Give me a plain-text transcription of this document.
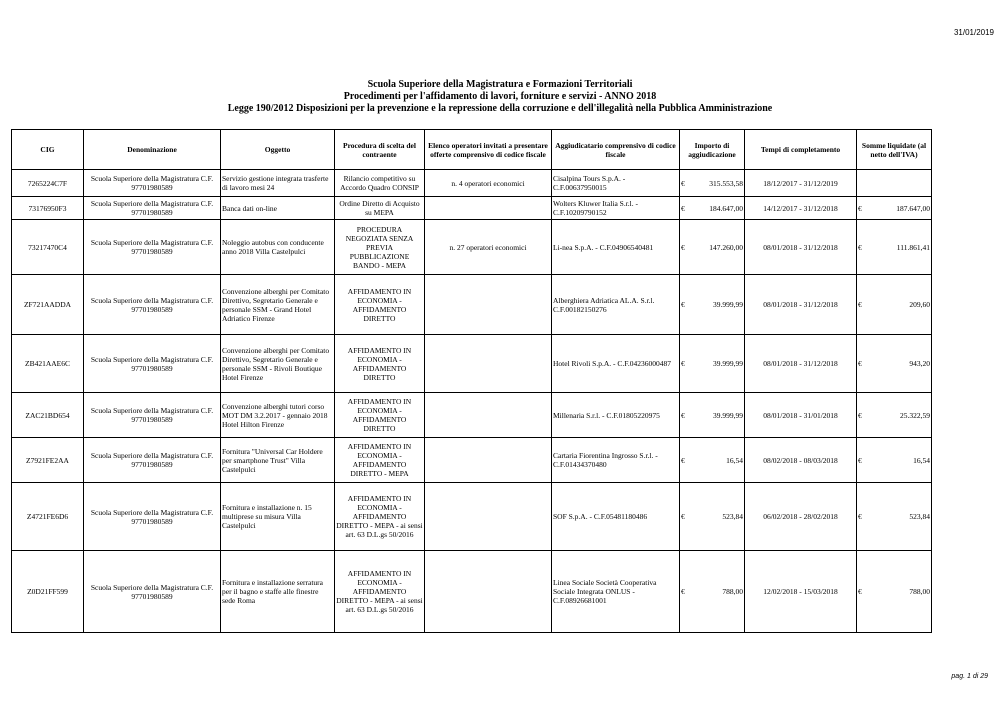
31/01/2019
Scuola Superiore della Magistratura e Formazioni Territoriali
Procedimenti per l'affidamento di lavori, forniture e servizi - ANNO 2018
Legge 190/2012 Disposizioni per la prevenzione e la repressione della corruzione e dell'illegalità nella Pubblica Amministrazione
CIG	Denominazione	Oggetto	Procedura di scelta del contraente	Elenco operatori invitati a presentare offerte comprensivo di codice fiscale	Aggiudicatario comprensivo di codice fiscale	Importo di aggiudicazione	Tempi di completamento	Somme liquidate (al netto dell'IVA)
7265224C7F	Scuola Superiore della Magistratura C.F. 97701980589	Servizio gestione integrata trasferte di lavoro mesi 24	Rilancio competitivo su Accordo Quadro CONSIP	n. 4 operatori economici	Cisalpina Tours S.p.A. - C.F.00637950015	€ 315.553,58	18/12/2017 - 31/12/2019	
73176950F3	Scuola Superiore della Magistratura C.F. 97701980589	Banca dati on-line	Ordine Diretto di Acquisto su MEPA		Wolters Kluwer Italia S.r.l. - C.F.10209790152	€ 184.647,00	14/12/2017 - 31/12/2018	€ 187.647,00

73217470C4	Scuola Superiore della Magistratura C.F. 97701980589	Noleggio autobus con conducente anno 2018 Villa Castelpulci	PROCEDURA NEGOZIATA SENZA PREVIA PUBBLICAZIONE BANDO - MEPA	n. 27 operatori economici	Li-nea S.p.A. - C.F.04906540481	€ 147.260,00	08/01/2018 - 31/12/2018	€ 111.861,41

ZF721AADDA	Scuola Superiore della Magistratura C.F. 97701980589	Convenzione alberghi per Comitato Direttivo, Segretario Generale e personale SSM - Grand Hotel Adriatico Firenze	AFFIDAMENTO IN ECONOMIA - AFFIDAMENTO DIRETTO		Alberghiera Adriatica AL.A. S.r.l. C.F.00182150276	€ 39.999,99	08/01/2018 - 31/12/2018	€ 209,60

ZB421AAE6C	Scuola Superiore della Magistratura C.F. 97701980589	Convenzione alberghi per Comitato Direttivo, Segretario Generale e personale SSM - Rivoli Boutique Hotel Firenze	AFFIDAMENTO IN ECONOMIA - AFFIDAMENTO DIRETTO		Hotel Rivoli S.p.A. - C.F.04236000487	€ 39.999,99	08/01/2018 - 31/12/2018	€ 943,20

ZAC21BD654	Scuola Superiore della Magistratura C.F. 97701980589	Convenzione alberghi tutori corso MOT DM 3.2.2017 - gennaio 2018 Hotel Hilton Firenze	AFFIDAMENTO IN ECONOMIA - AFFIDAMENTO DIRETTO		Millenaria S.r.l. - C.F.01805220975	€ 39.999,99	08/01/2018 - 31/01/2018	€ 25.322,59

Z7921FE2AA	Scuola Superiore della Magistratura C.F. 97701980589	Fornitura "Universal Car Holdere per smartphone Trust" Villa Castelpulci	AFFIDAMENTO IN ECONOMIA - AFFIDAMENTO DIRETTO - MEPA		Cartaria Fiorentina Ingrosso S.r.l. - C.F.01434370480	€ 16,54	08/02/2018 - 08/03/2018	€ 16,54

Z4721FE6D6	Scuola Superiore della Magistratura C.F. 97701980589	Fornitura e installazione n. 15 multiprese su misura Villa Castelpulci	AFFIDAMENTO IN ECONOMIA - AFFIDAMENTO DIRETTO - MEPA - ai sensi art. 63 D.L.gs 50/2016		SOF S.p.A. - C.F.05481180486	€ 523,84	06/02/2018 - 28/02/2018	€ 523,84

Z0D21FF599	Scuola Superiore della Magistratura C.F. 97701980589	Fornitura e installazione serratura per il bagno e staffe alle finestre sede Roma	AFFIDAMENTO IN ECONOMIA - AFFIDAMENTO DIRETTO - MEPA - ai sensi art. 63 D.L.gs 50/2016		Linea Sociale Società Cooperativa Sociale Integrata ONLUS - C.F.08926681001	€ 788,00	12/02/2018 - 15/03/2018	€ 788,00
pag. 1 di 29
